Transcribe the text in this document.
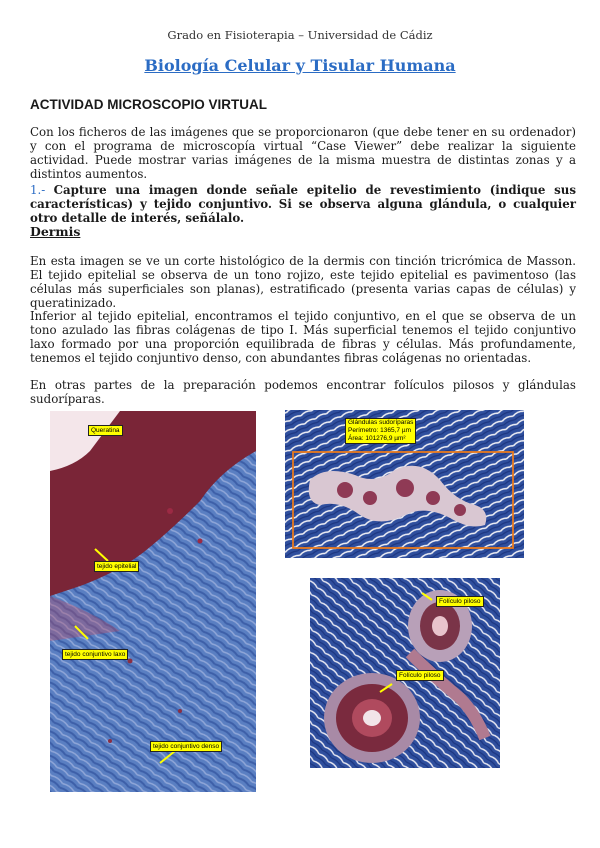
Grado en Fisioterapia – Universidad de Cádiz
Biología Celular y Tisular Humana
ACTIVIDAD MICROSCOPIO VIRTUAL

Con los ficheros de las imágenes que se proporcionaron (que debe tener en su ordenador) y con el programa de microscopía virtual “Case Viewer” debe realizar la siguiente actividad. Puede mostrar varias imágenes de la misma muestra de distintas zonas y a distintos aumentos.

1.- Capture una imagen donde señale epitelio de revestimiento (indique sus características) y tejido conjuntivo. Si se observa alguna glándula, o cualquier otro detalle de interés, señálalo.

Dermis

En esta imagen se ve un corte histológico de la dermis con tinción tricrómica de Masson. El tejido epitelial se observa de un tono rojizo, este tejido epitelial es pavimentoso (las células más superficiales son planas), estratificado (presenta varias capas de células) y queratinizado.

Inferior al tejido epitelial, encontramos el tejido conjuntivo, en el que se observa de un tono azulado las fibras colágenas de tipo I. Más superficial tenemos el tejido conjuntivo laxo formado por una proporción equilibrada de fibras y células. Más profundamente, tenemos el tejido conjuntivo denso, con abundantes fibras colágenas no orientadas.

En otras partes de la preparación podemos encontrar folículos pilosos y glándulas sudoríparas.

Queratina
tejido epitelial
tejido conjuntivo laxo
tejido conjuntivo denso
Glándulas sudoríparas
Perímetro: 1365,7 µm
Área: 101276,9 µm²
Folículo piloso
Folículo piloso
